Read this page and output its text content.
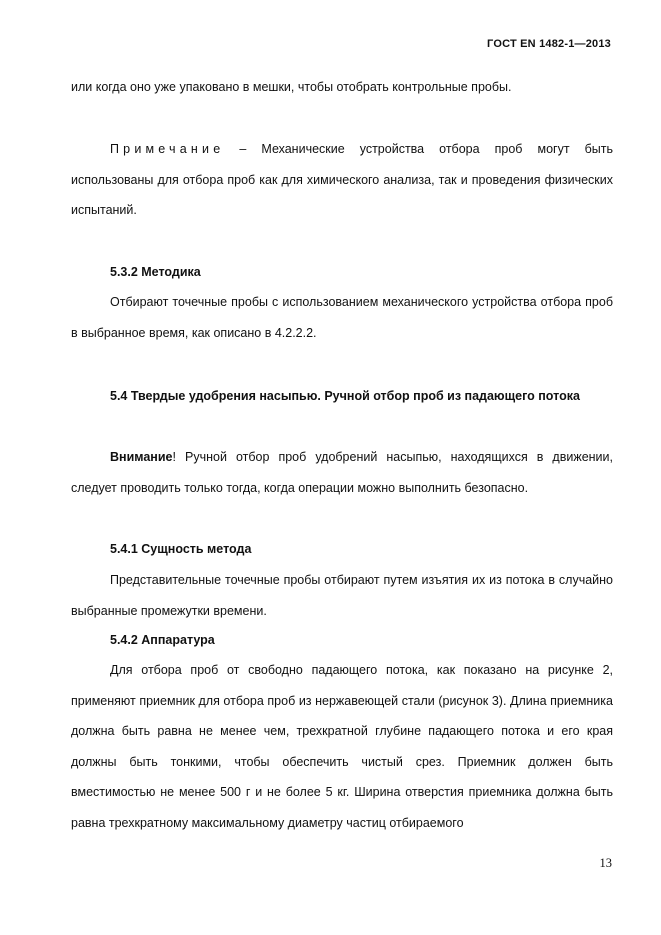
ГОСТ EN 1482-1—2013
или когда оно уже упаковано в мешки, чтобы отобрать контрольные пробы.
Примечание – Механические устройства отбора проб могут быть использованы для отбора проб как для химического анализа, так и проведения физических испытаний.
5.3.2 Методика
Отбирают точечные пробы с использованием механического устройства отбора проб в выбранное время, как описано в 4.2.2.2.
5.4 Твердые удобрения насыпью. Ручной отбор проб из падающего потока
Внимание! Ручной отбор проб удобрений насыпью, находящихся в движении, следует проводить только тогда, когда операции можно выполнить безопасно.
5.4.1 Сущность метода
Представительные точечные пробы отбирают путем изъятия их из потока в случайно выбранные промежутки времени.
5.4.2 Аппаратура
Для отбора проб от свободно падающего потока, как показано на рисунке 2, применяют приемник для отбора проб из нержавеющей стали (рисунок 3). Длина приемника должна быть равна не менее чем, трехкратной глубине падающего потока и его края должны быть тонкими, чтобы обеспечить чистый срез. Приемник должен быть вместимостью не менее 500 г и не более 5 кг. Ширина отверстия приемника должна быть равна трехкратному максимальному диаметру частиц отбираемого
13
